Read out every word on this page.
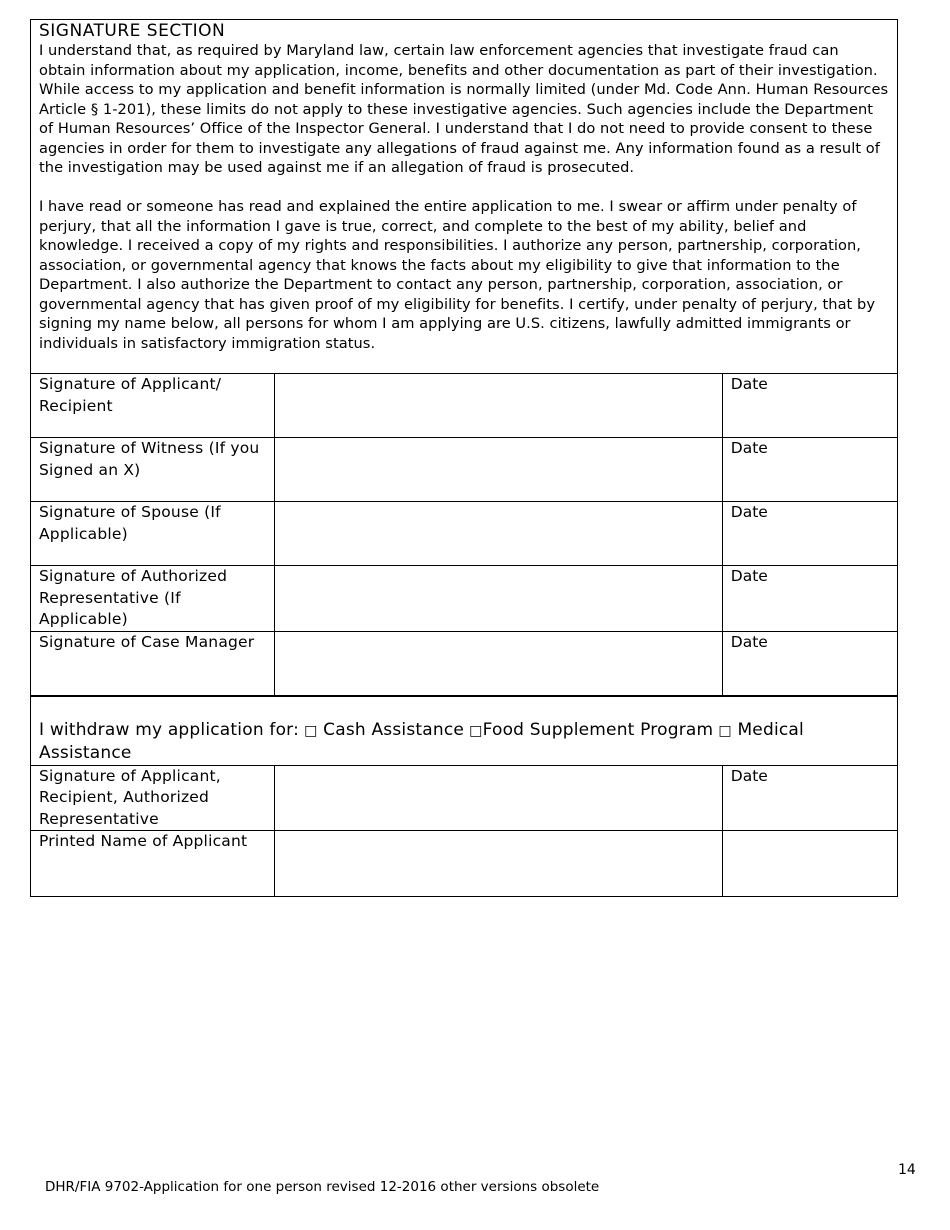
SIGNATURE SECTION

I understand that, as required by Maryland law, certain law enforcement agencies that investigate fraud can obtain information about my application, income, benefits and other documentation as part of their investigation. While access to my application and benefit information is normally limited (under Md. Code Ann. Human Resources Article § 1-201), these limits do not apply to these investigative agencies. Such agencies include the Department of Human Resources’ Office of the Inspector General. I understand that I do not need to provide consent to these agencies in order for them to investigate any allegations of fraud against me. Any information found as a result of the investigation may be used against me if an allegation of fraud is prosecuted.

I have read or someone has read and explained the entire application to me. I swear or affirm under penalty of perjury, that all the information I gave is true, correct, and complete to the best of my ability, belief and knowledge. I received a copy of my rights and responsibilities. I authorize any person, partnership, corporation, association, or governmental agency that knows the facts about my eligibility to give that information to the Department. I also authorize the Department to contact any person, partnership, corporation, association, or governmental agency that has given proof of my eligibility for benefits. I certify, under penalty of perjury, that by signing my name below, all persons for whom I am applying are U.S. citizens, lawfully admitted immigrants or individuals in satisfactory immigration status.		

Signature of Applicant/ Recipient		Date
Signature of Witness (If you Signed an X)		Date
Signature of Spouse (If Applicable)		Date
Signature of Authorized Representative (If Applicable)		Date
Signature of Case Manager		Date
I withdraw my application for: □ Cash Assistance □Food Supplement Program □ Medical Assistance		
Signature of Applicant, Recipient, Authorized Representative		Date
Printed Name of Applicant		
14
DHR/FIA 9702-Application for one person revised 12-2016 other versions obsolete
